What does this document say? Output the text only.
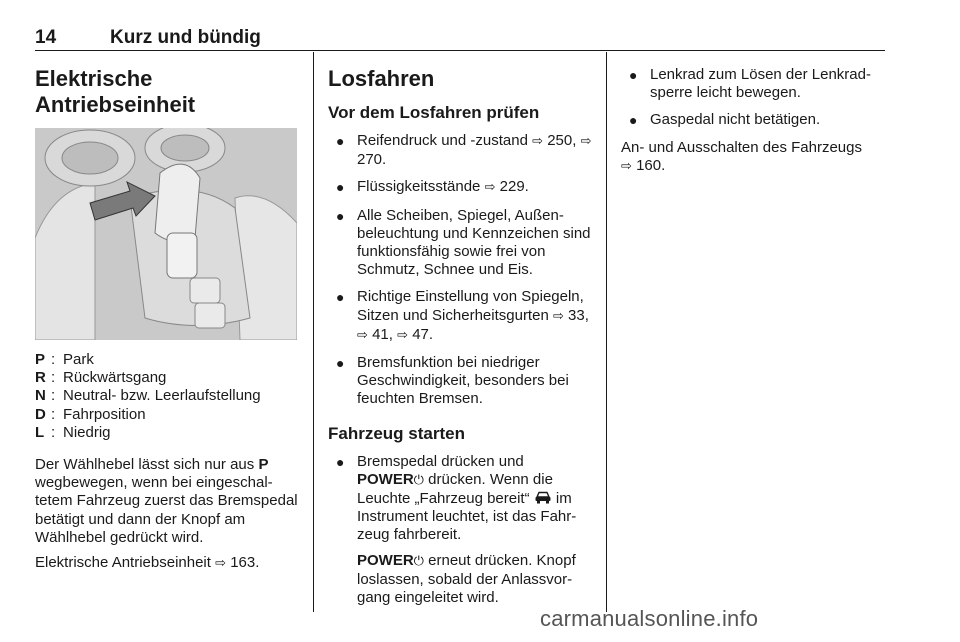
14	Kurz und bündig
Elektrische Antriebseinheit
P : Park
R : Rückwärtsgang
N : Neutral- bzw. Leerlaufstellung
D : Fahrposition
L : Niedrig

Der Wählhebel lässt sich nur aus P wegbewegen, wenn bei eingeschaltetem Fahrzeug zuerst das Bremspedal betätigt und dann der Knopf am Wählhebel gedrückt wird.

Elektrische Antriebseinheit ⇨ 163.

Losfahren
Vor dem Losfahren prüfen
● Reifendruck und -zustand ⇨ 250, ⇨ 270.
● Flüssigkeitsstände ⇨ 229.
● Alle Scheiben, Spiegel, Außenbeleuchtung und Kennzeichen sind funktionsfähig sowie frei von Schmutz, Schnee und Eis.
● Richtige Einstellung von Spiegeln, Sitzen und Sicherheitsgurten ⇨ 33, ⇨ 41, ⇨ 47.
● Bremsfunktion bei niedriger Geschwindigkeit, besonders bei feuchten Bremsen.
Fahrzeug starten
● Bremspedal drücken und
POWER⏻ drücken. Wenn die Leuchte „Fahrzeug bereit“  im Instrument leuchtet, ist das Fahrzeug fahrbereit.

POWER⏻ erneut drücken. Knopf loslassen, sobald der Anlassvorgang eingeleitet wird.

● Lenkrad zum Lösen der Lenkradsperre leicht bewegen.
● Gaspedal nicht betätigen.

An- und Ausschalten des Fahrzeugs
⇨ 160.

carmanualsonline.info
